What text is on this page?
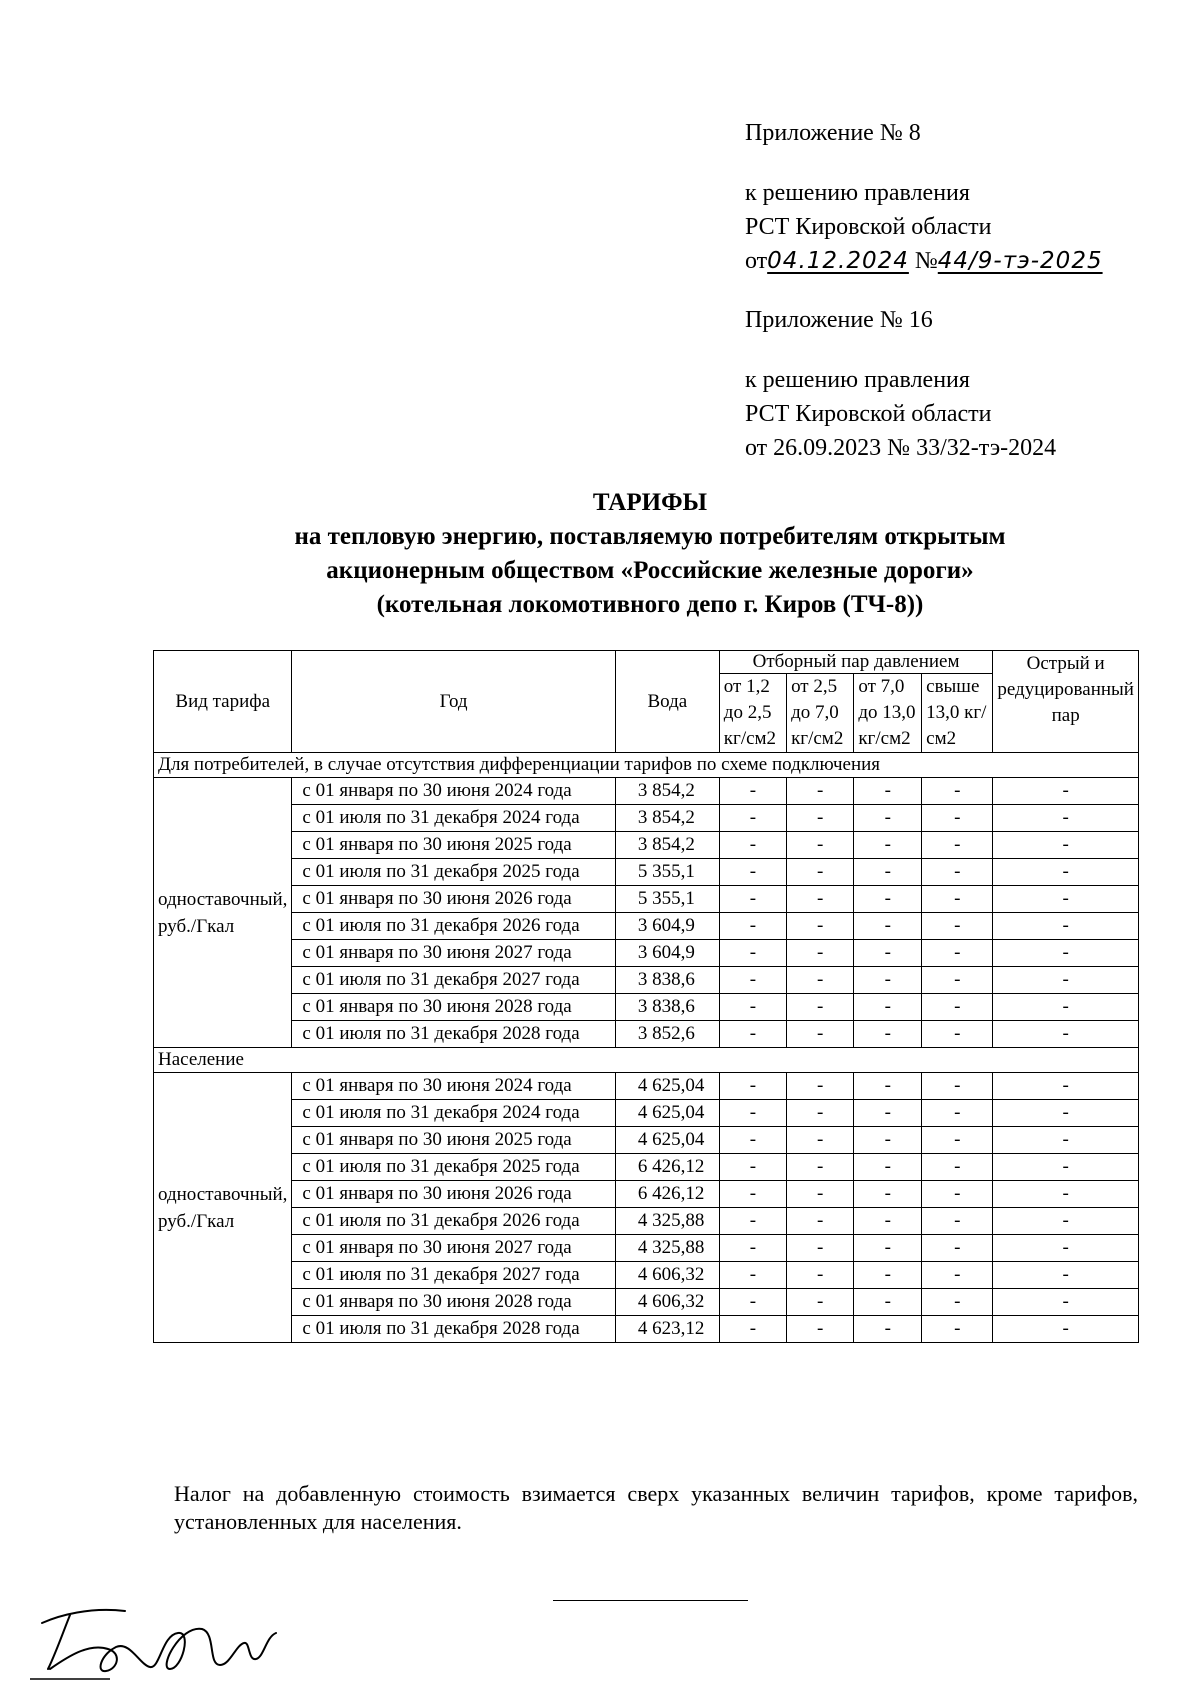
Приложение № 8

к решению правления

РСТ Кировской области

от04.12.2024 №44/9-тэ-2025

Приложение № 16

к решению правления

РСТ Кировской области

от 26.09.2023 № 33/32-тэ-2024

ТАРИФЫ

на тепловую энергию, поставляемую потребителям открытым

акционерным обществом «Российские железные дороги»

(котельная локомотивного депо г. Киров (ТЧ-8))

Вид тарифа	Год	Вода	Отборный пар давлением				Острый и редуцированный пар
			от 1,2 до 2,5 кг/см2	от 2,5 до 7,0 кг/см2	от 7,0 до 13,0 кг/см2	свыше 13,0 кг/см2	
Для потребителей, в случае отсутствия дифференциации тарифов по схеме подключения							
одноставочный, руб./Гкал	с 01 января по 30 июня 2024 года	3 854,2	-	-	-	-	-
	с 01 июля по 31 декабря 2024 года	3 854,2	-	-	-	-	-
	с 01 января по 30 июня 2025 года	3 854,2	-	-	-	-	-
	с 01 июля по 31 декабря 2025 года	5 355,1	-	-	-	-	-
	с 01 января по 30 июня 2026 года	5 355,1	-	-	-	-	-
	с 01 июля по 31 декабря 2026 года	3 604,9	-	-	-	-	-
	с 01 января по 30 июня 2027 года	3 604,9	-	-	-	-	-
	с 01 июля по 31 декабря 2027 года	3 838,6	-	-	-	-	-
	с 01 января по 30 июня 2028 года	3 838,6	-	-	-	-	-
	с 01 июля по 31 декабря 2028 года	3 852,6	-	-	-	-	-
Население							
одноставочный, руб./Гкал	с 01 января по 30 июня 2024 года	4 625,04	-	-	-	-	-
	с 01 июля по 31 декабря 2024 года	4 625,04	-	-	-	-	-
	с 01 января по 30 июня 2025 года	4 625,04	-	-	-	-	-
	с 01 июля по 31 декабря 2025 года	6 426,12	-	-	-	-	-
	с 01 января по 30 июня 2026 года	6 426,12	-	-	-	-	-
	с 01 июля по 31 декабря 2026 года	4 325,88	-	-	-	-	-
	с 01 января по 30 июня 2027 года	4 325,88	-	-	-	-	-
	с 01 июля по 31 декабря 2027 года	4 606,32	-	-	-	-	-
	с 01 января по 30 июня 2028 года	4 606,32	-	-	-	-	-
	с 01 июля по 31 декабря 2028 года	4 623,12	-	-	-	-	-

Налог на добавленную стоимость взимается сверх указанных величин тарифов, кроме тарифов, установленных для населения.
